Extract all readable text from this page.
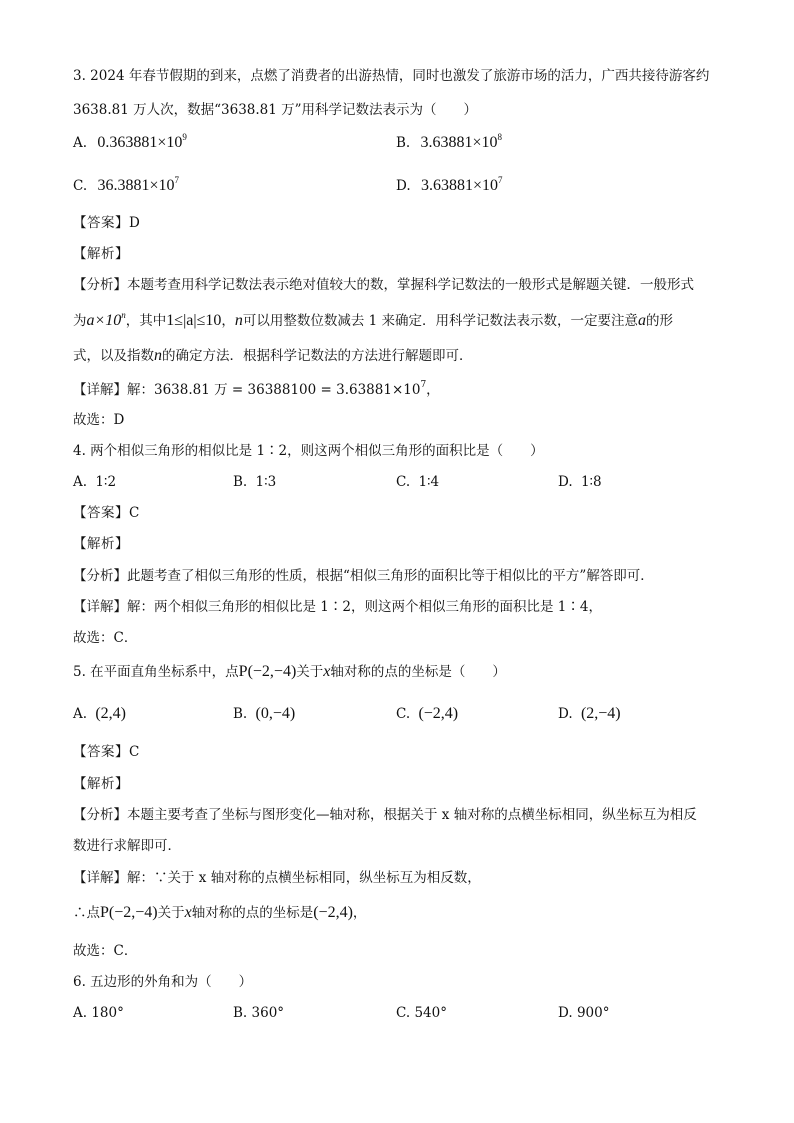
3. 2024 年春节假期的到来，点燃了消费者的出游热情，同时也激发了旅游市场的活力，广西共接待游客约
3638.81 万人次，数据“3638.81 万”用科学记数法表示为（　　）
A. $0.363881\times 10^9$	B. $3.63881\times 10^8$
C. $36.3881\times 10^7$	D. $3.63881\times 10^7$
【答案】D
【解析】
【分析】本题考查用科学记数法表示绝对值较大的数，掌握科学记数法的一般形式是解题关键．一般形式
为$a\times 10^n$，其中1≤|a|≤10，n可以用整数位数减去 1 来确定．用科学记数法表示数，一定要注意a的形
式，以及指数n的确定方法．根据科学记数法的方法进行解题即可．
【详解】解：3638.81 万 = $36388100 = 3.63881\times 10^7$，
故选：D
4. 两个相似三角形的相似比是 1∶2，则这两个相似三角形的面积比是（　　）
A. 1∶2	B. 1∶3	C. 1∶4	D. 1∶8
【答案】C
【解析】
【分析】此题考查了相似三角形的性质，根据“相似三角形的面积比等于相似比的平方”解答即可．
【详解】解：两个相似三角形的相似比是 1∶2，则这两个相似三角形的面积比是 1∶4，
故选：C．
5. 在平面直角坐标系中，点P(−2,−4)关于x轴对称的点的坐标是（　　）
A. (2,4)	B. (0,−4)	C. (−2,4)	D. (2,−4)
【答案】C
【解析】
【分析】本题主要考查了坐标与图形变化—轴对称，根据关于 x 轴对称的点横坐标相同，纵坐标互为相反
数进行求解即可．
【详解】解：∵关于 x 轴对称的点横坐标相同，纵坐标互为相反数，
∴点P(−2,−4)关于x轴对称的点的坐标是(−2,4)，
故选：C．
6. 五边形的外角和为（　　）
A. 180°	B. 360°	C. 540°	D. 900°
